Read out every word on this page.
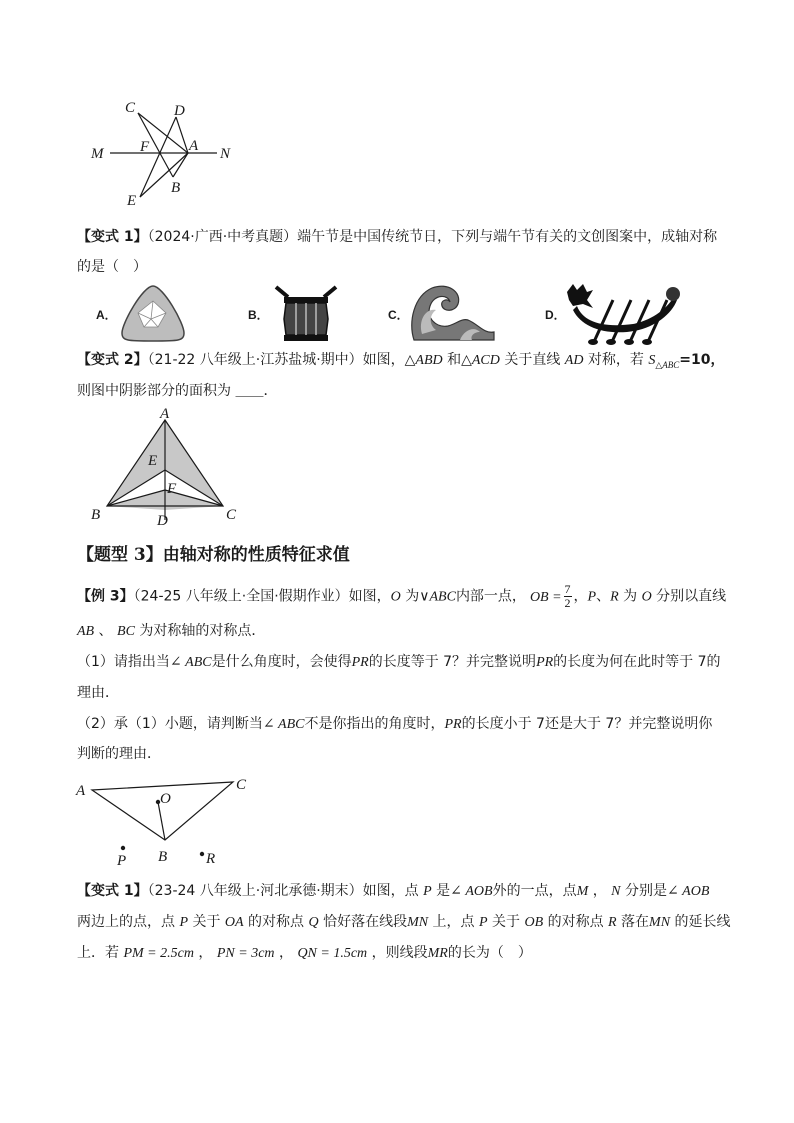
C	D
M F	A N
E
B
【变式 1】（2024·广西·中考真题）端午节是中国传统节日，下列与端午节有关的文创图案中，成轴对称
的是（　）
A．	B．	C．	D．
【变式 2】（21-22 八年级上·江苏盐城·期中）如图，△ABD 和△ACD 关于直线 AD 对称，若 $S_{\triangle ABC}=10$，
则图中阴影部分的面积为 ＿＿．
A
E
F
B	D	C
【题型 3】由轴对称的性质特征求值
【例 3】（24-25 八年级上·全国·假期作业）如图，O 为∨ABC内部一点， OB = $\frac{7}{2}$ ，P、R 为 O 分别以直线
AB 、 BC 为对称轴的对称点．
（1）请指出当∠ ABC是什么角度时，会使得PR的长度等于 7？并完整说明PR的长度为何在此时等于 7的
理由．
（2）承（1）小题，请判断当∠ ABC不是你指出的角度时，PR的长度小于 7还是大于 7？并完整说明你
判断的理由．
A	C
O
P B	R
【变式 1】（23-24 八年级上·河北承德·期末）如图，点 P 是∠ AOB外的一点，点M ， N 分别是∠ AOB
两边上的点，点 P 关于 OA 的对称点 Q 恰好落在线段MN 上，点 P 关于 OB 的对称点 R 落在MN 的延长线
上．若 PM = 2.5cm ， PN = 3cm ， QN = 1.5cm ，则线段MR的长为（　）
